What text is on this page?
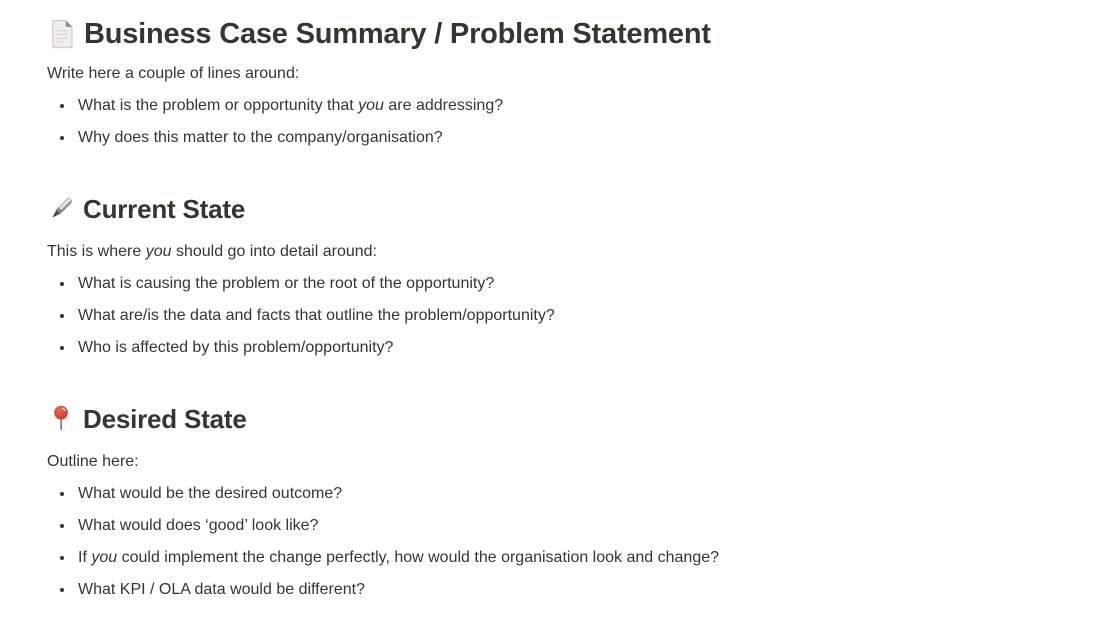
Business Case Summary / Problem Statement

Write here a couple of lines around:

• What is the problem or opportunity that you are addressing?
• Why does this matter to the company/organisation?
Current State

This is where you should go into detail around:

• What is causing the problem or the root of the opportunity?
• What are/is the data and facts that outline the problem/opportunity?
• Who is affected by this problem/opportunity?
Desired State

Outline here:

• What would be the desired outcome?
• What would does ‘good’ look like?
• If you could implement the change perfectly, how would the organisation look and change?
• What KPI / OLA data would be different?
